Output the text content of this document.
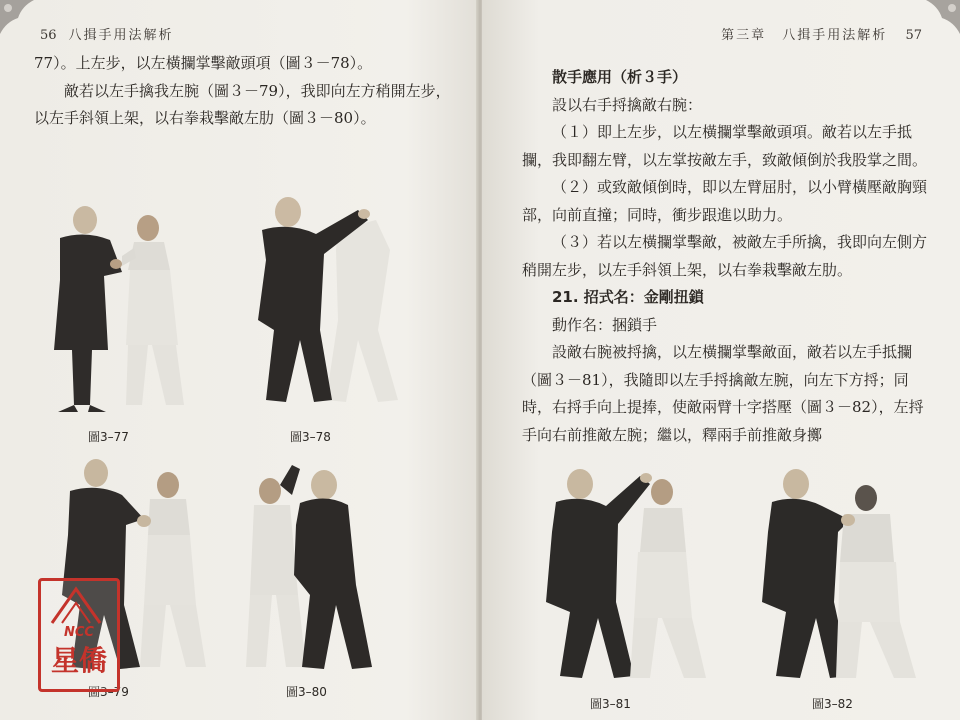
56 八揖手用法解析

77）。上左步，以左橫攔掌擊敵頭項（圖３－78）。

敵若以左手擒我左腕（圖３－79），我即向左方稍開左步，以左手斜領上架，以右拳栽擊敵左肋（圖３－80）。

圖3–77	圖3–78
圖3–79	圖3–80
NCC
星僑
第三章 八揖手用法解析 57

散手應用（析３手）

設以右手捋擒敵右腕：

（１）即上左步，以左橫攔掌擊敵頭項。敵若以左手抵攔，我即翻左臂，以左掌按敵左手，致敵傾倒於我股掌之間。

（２）或致敵傾倒時，即以左臂屈肘，以小臂橫壓敵胸頸部，向前直撞；同時，衝步跟進以助力。

（３）若以左橫攔掌擊敵，被敵左手所擒，我即向左側方稍開左步，以左手斜領上架，以右拳栽擊敵左肋。

21. 招式名：金剛扭鎖

動作名：捆鎖手

設敵右腕被捋擒，以左橫攔掌擊敵面，敵若以左手抵攔（圖３－81），我隨即以左手捋擒敵左腕，向左下方捋；同時，右捋手向上提捧，使敵兩臂十字搭壓（圖３－82），左捋手向右前推敵左腕；繼以，釋兩手前推敵身擲

圖3–81	圖3–82
